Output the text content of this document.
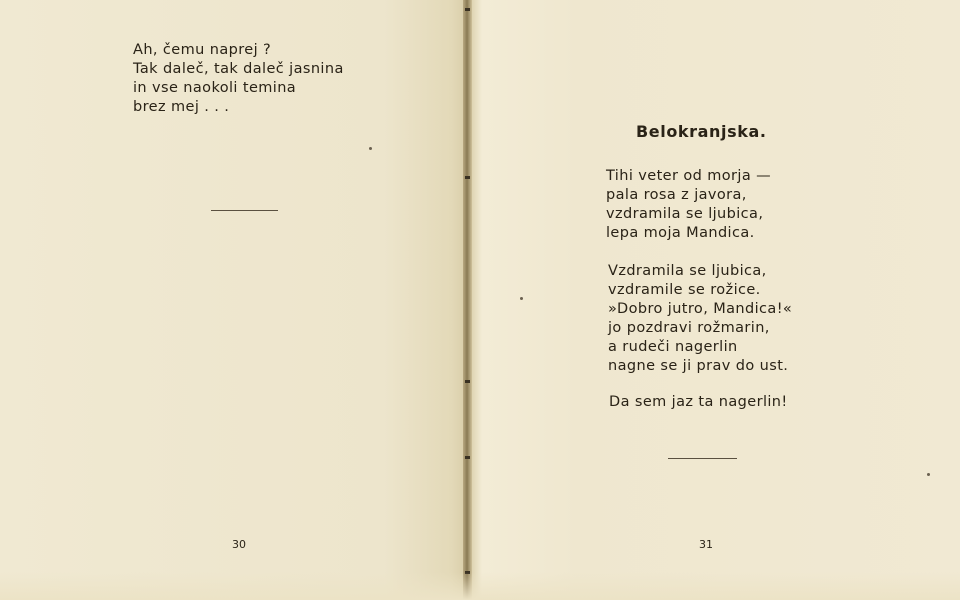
Ah, čemu naprej ?
Tak daleč, tak daleč jasnina
in vse naokoli temina
brez mej . . .
30
Belokranjska.
Tihi veter od morja —
pala rosa z javora,
vzdramila se ljubica,
lepa moja Mandica.
Vzdramila se ljubica,
vzdramile se rožice.
»Dobro jutro, Mandica!«
jo pozdravi rožmarin,
a rudeči nagerlin
nagne se ji prav do ust.
Da sem jaz ta nagerlin!
31
